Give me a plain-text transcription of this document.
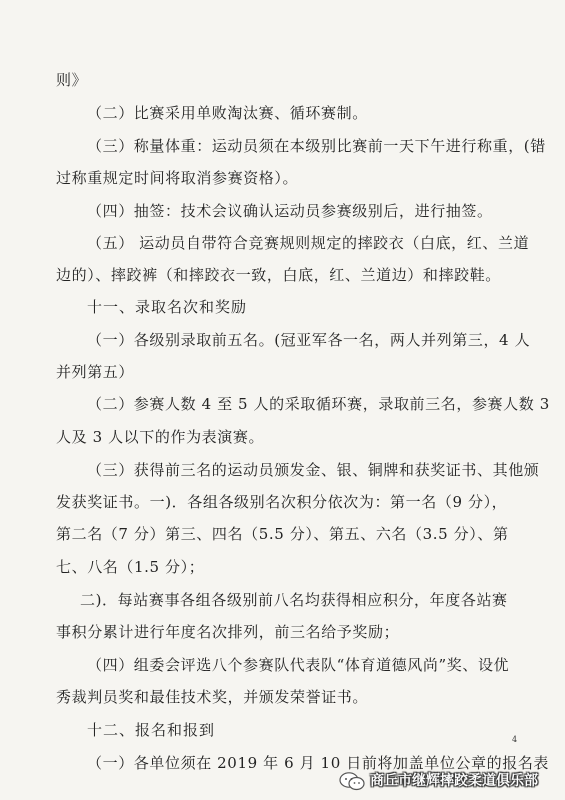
则》
（二）比赛采用单败淘汰赛、循环赛制。
（三）称量体重：运动员须在本级别比赛前一天下午进行称重，(错
过称重规定时间将取消参赛资格）。
（四）抽签：技术会议确认运动员参赛级别后，进行抽签。
（五） 运动员自带符合竞赛规则规定的摔跤衣（白底，红、兰道
边的）、摔跤裤（和摔跤衣一致，白底，红、兰道边）和摔跤鞋。
十一、录取名次和奖励
（一）各级别录取前五名。(冠亚军各一名，两人并列第三，4 人
并列第五）
（二）参赛人数 4 至 5 人的采取循环赛，录取前三名，参赛人数 3
人及 3 人以下的作为表演赛。
（三）获得前三名的运动员颁发金、银、铜牌和获奖证书、其他颁
发获奖证书。一)．各组各级别名次积分依次为：第一名（9 分），
第二名（7 分）第三、四名（5.5 分）、第五、六名（3.5 分）、第
七、八名（1.5 分）；
二)．每站赛事各组各级别前八名均获得相应积分，年度各站赛
事积分累计进行年度名次排列，前三名给予奖励；
（四）组委会评选八个参赛队代表队“体育道德风尚”奖、设优
秀裁判员奖和最佳技术奖，并颁发荣誉证书。
十二、报名和报到
（一）各单位须在 2019 年 6 月 10 日前将加盖单位公章的报名表
4
商丘市继辉摔跤柔道俱乐部
